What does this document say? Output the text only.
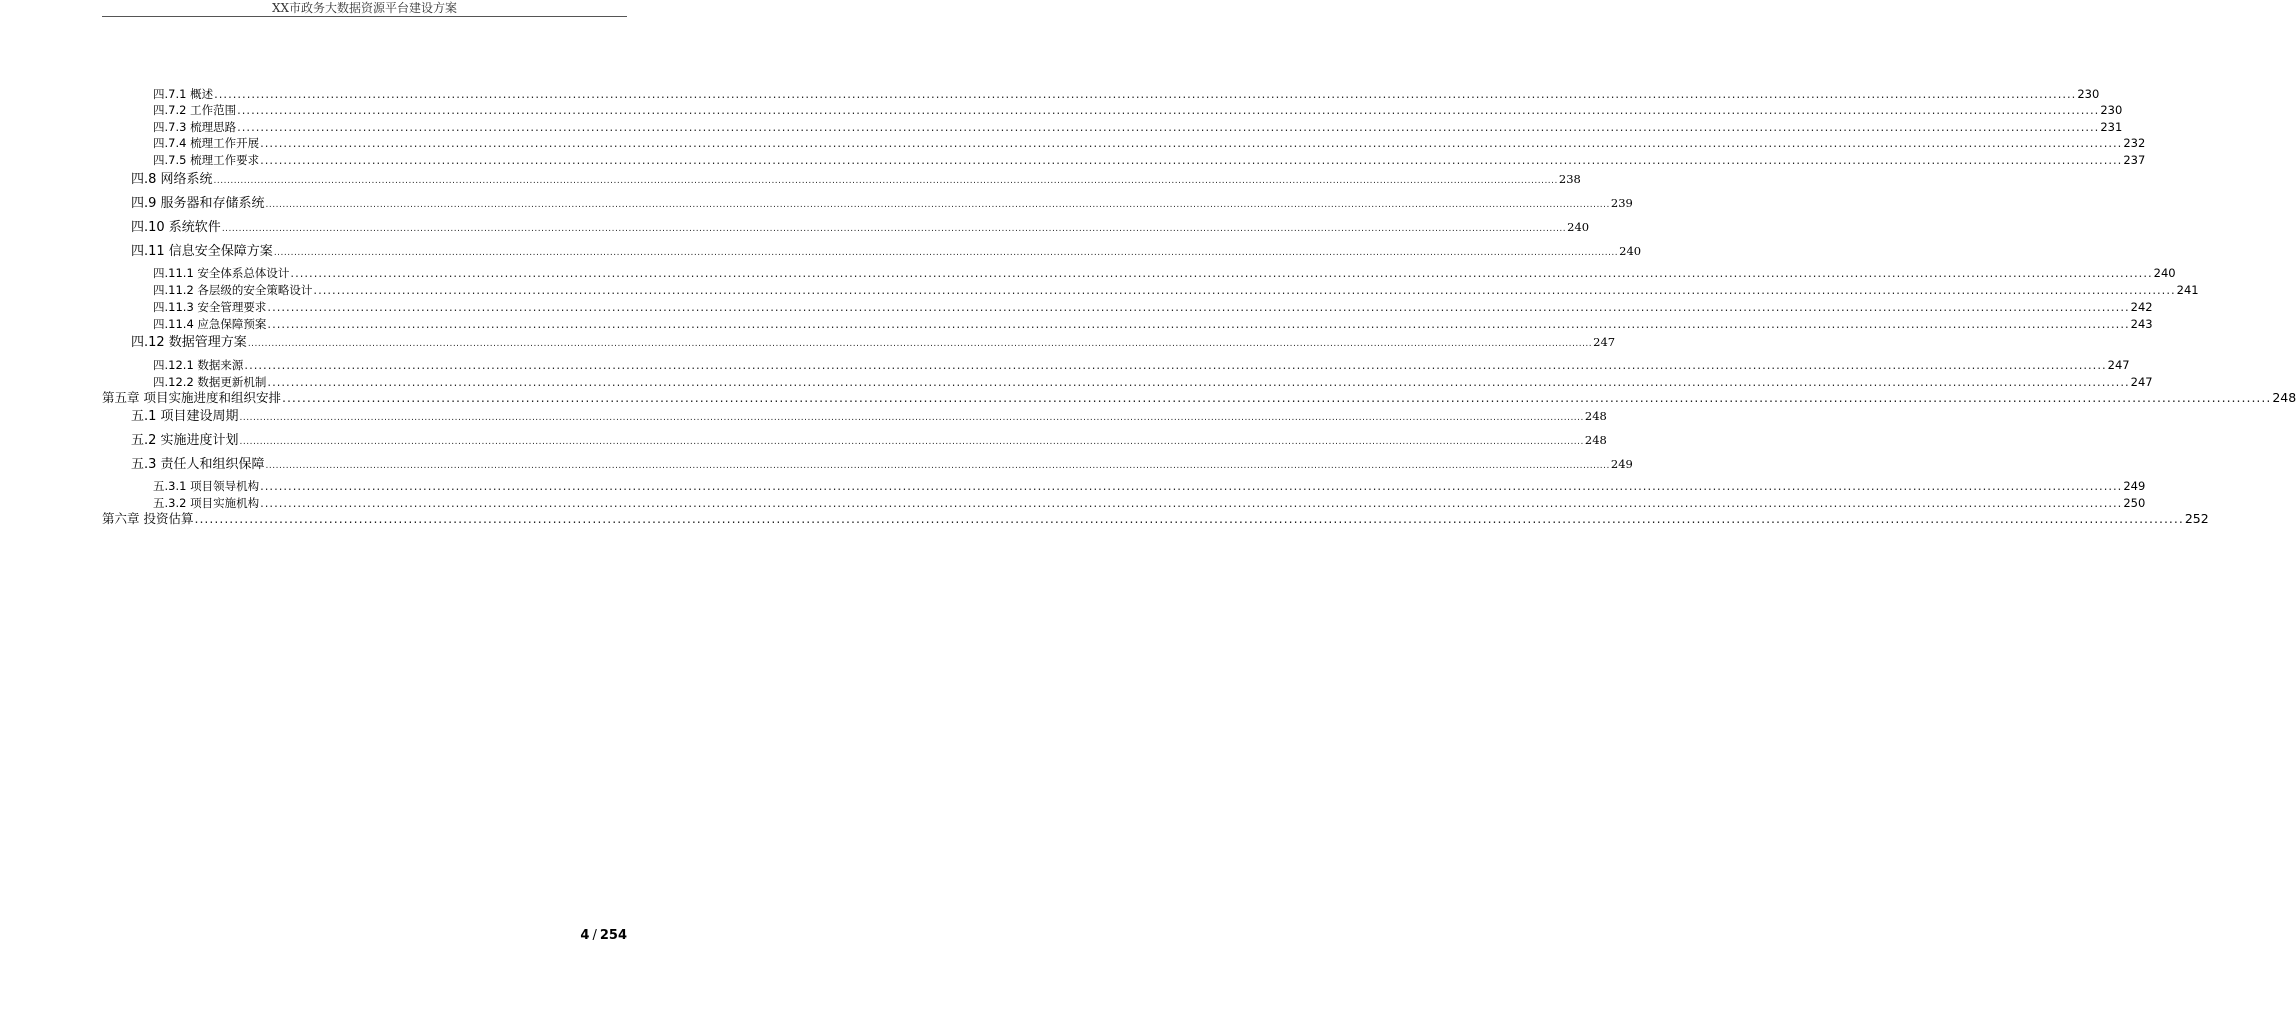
XX市政务大数据资源平台建设方案
四.7.1 概述 ................................................................................................................................................................................................................................................................................................................................................................................................................ 230
四.7.2 工作范围 ................................................................................................................................................................................................................................................................................................................................................................................................................ 230
四.7.3 梳理思路 ................................................................................................................................................................................................................................................................................................................................................................................................................ 231
四.7.4 梳理工作开展 ................................................................................................................................................................................................................................................................................................................................................................................................................ 232
四.7.5 梳理工作要求 ................................................................................................................................................................................................................................................................................................................................................................................................................ 237
四.8 网络系统 ................................................................................................................................................................................................................................................................................................................................................................................................................ 238
四.9 服务器和存储系统 ................................................................................................................................................................................................................................................................................................................................................................................................................ 239
四.10 系统软件 ................................................................................................................................................................................................................................................................................................................................................................................................................ 240
四.11 信息安全保障方案 ................................................................................................................................................................................................................................................................................................................................................................................................................ 240
四.11.1 安全体系总体设计 ................................................................................................................................................................................................................................................................................................................................................................................................................ 240
四.11.2 各层级的安全策略设计 ................................................................................................................................................................................................................................................................................................................................................................................................................ 241
四.11.3 安全管理要求 ................................................................................................................................................................................................................................................................................................................................................................................................................ 242
四.11.4 应急保障预案 ................................................................................................................................................................................................................................................................................................................................................................................................................ 243
四.12 数据管理方案 ................................................................................................................................................................................................................................................................................................................................................................................................................ 247
四.12.1 数据来源 ................................................................................................................................................................................................................................................................................................................................................................................................................ 247
四.12.2 数据更新机制 ................................................................................................................................................................................................................................................................................................................................................................................................................ 247
第五章 项目实施进度和组织安排 ................................................................................................................................................................................................................................................................................................................................................................................................................ 248
五.1 项目建设周期 ................................................................................................................................................................................................................................................................................................................................................................................................................ 248
五.2 实施进度计划 ................................................................................................................................................................................................................................................................................................................................................................................................................ 248
五.3 责任人和组织保障 ................................................................................................................................................................................................................................................................................................................................................................................................................ 249
五.3.1 项目领导机构 ................................................................................................................................................................................................................................................................................................................................................................................................................ 249
五.3.2 项目实施机构 ................................................................................................................................................................................................................................................................................................................................................................................................................ 250
第六章 投资估算 ................................................................................................................................................................................................................................................................................................................................................................................................................ 252
4 / 254
